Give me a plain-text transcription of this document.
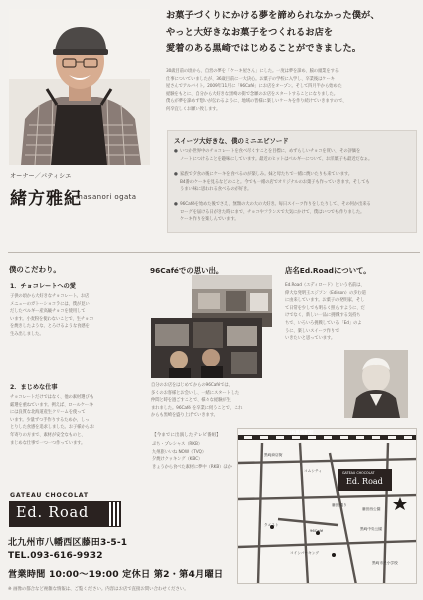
お菓子づくりにかける夢を諦められなかった僕が、
やっと大好きなお菓子をつくれるお店を
愛着のある黒崎ではじめることができました。

30歳目前の頃から、自営の夢を「ケーキ屋さん」にした。一度は夢を諦め、脇の頭業をする

仕事についていましたが、36歳目前に一大決心。お菓子の学校に入学し、卒業後はケーキ

屋さんでアルバイト。2009年11月に「96Café」にお店をオープン。そして四月半から始めた

経験をもとに、自分から大好きな黒崎の街で念願のお店をスタートすることになりました。

僕らが夢を諦めず想いが伝わるように、地域の皆様に楽しいケーキを作り続けていきますので、

何卒宜しくお願い致します。

オーナー／パティシエ
緒方雅紀
masanori ogata
スイーツ大好きな、僕のミニエピソード
● いつか世界中のチョコレートを食べ尽くすことを目標に、めずらしいチョコを買い、その評価を

ノートにつけることを趣味にしています。最近のヒットはベルギーについて、お洋菓子も最近だなぁ。

● 家族で夕食の後にケーキを食べるのが楽しみ。妹と母たちで一緒に焼いたりも来ています。

B4番のケーキを見るなどのこと。今でも一緒の店でオリジナルのお菓子も作っていきます。そしても

うまい味に思われる食べるのが好き。

● 96Caféを始めた後でさえ、無類の大の大の大好き。毎日スイーツ作りをしたりして、その何か出来る

ローグを届ける日がきた時にまで、チョコやフランスで大気にかけて、僕はいつでも作りました。

ケーキ作りを楽しんでいます。

僕のこだわり。
1．チョコレートへの愛

子供の頃から大好きなチョコレート。お店

メニューのガトーショコラには、僕が見い

だしたベルギー産高級チョコを使用して

います。小麦粉を使わないことで、生チョコ

を焼きしたような、とろけるような食感を

生み出しました。

2．まじめな仕事

チョコレートだけではなく、他の素材選びも

厳選を重ねています。例えば、ロールケーキ

には良質な北海道産生クリームを使って

います。少量ずつ手作りするためか、しっ

とりした食感を追求しました。お子様からお

年寄りの方まで、素材が安全なものと、

まじめな仕事で一つ一つ作っています。

GATEAU CHOCOLAT
Ed. Road
北九州市八幡西区藤田3-5-1
TEL.093-616-9932
営業時間 10:00～19:00 定休日 第2・第4月曜日
※ 画像の都合など複雑な情報は、ご覧ください。内容はお店で直接お問い合わせください。
96Caféでの思い出。

自分のお店をはじめてからの96Caféでは、

多くのお客様とお会いし、一緒にスタートした

仲間と時を過ごすことで、様々な経験が生

まれました。96Café を卒業に伺うことで、これ

からも黒崎を盛り上げていきます。

【今までに出演したテレビ番組】

ぷち・プレシャス（RKB）

九州旅いいね NOW（TVQ）

夕焼けクッキング（KBC）

きょうから食べた素材に夢中（RKB）ほか

店名Ed.Roadについて。

Ed.Road（エディロード）という名前は、

偉大な発明王エジソン（Edison）の歩む道

に由来しています。お菓子の発明家、そし

て日常を少しでも明るく照らすように、だ

けでなく、新しい一品に挑戦する気持ち

ちで、いろいろ挑戦している「Ed」のよ

うに、楽しいスイーツ作りで

いきたいと思っています。

JR黒崎駅前
GATEAU CHOCOLAT
Ed. Road
黒崎商店街
コムシティ
藤田通り
96Café
クエスト
コインパーキング
藤田西公園
黒崎中央公園
黒崎市民小学校
